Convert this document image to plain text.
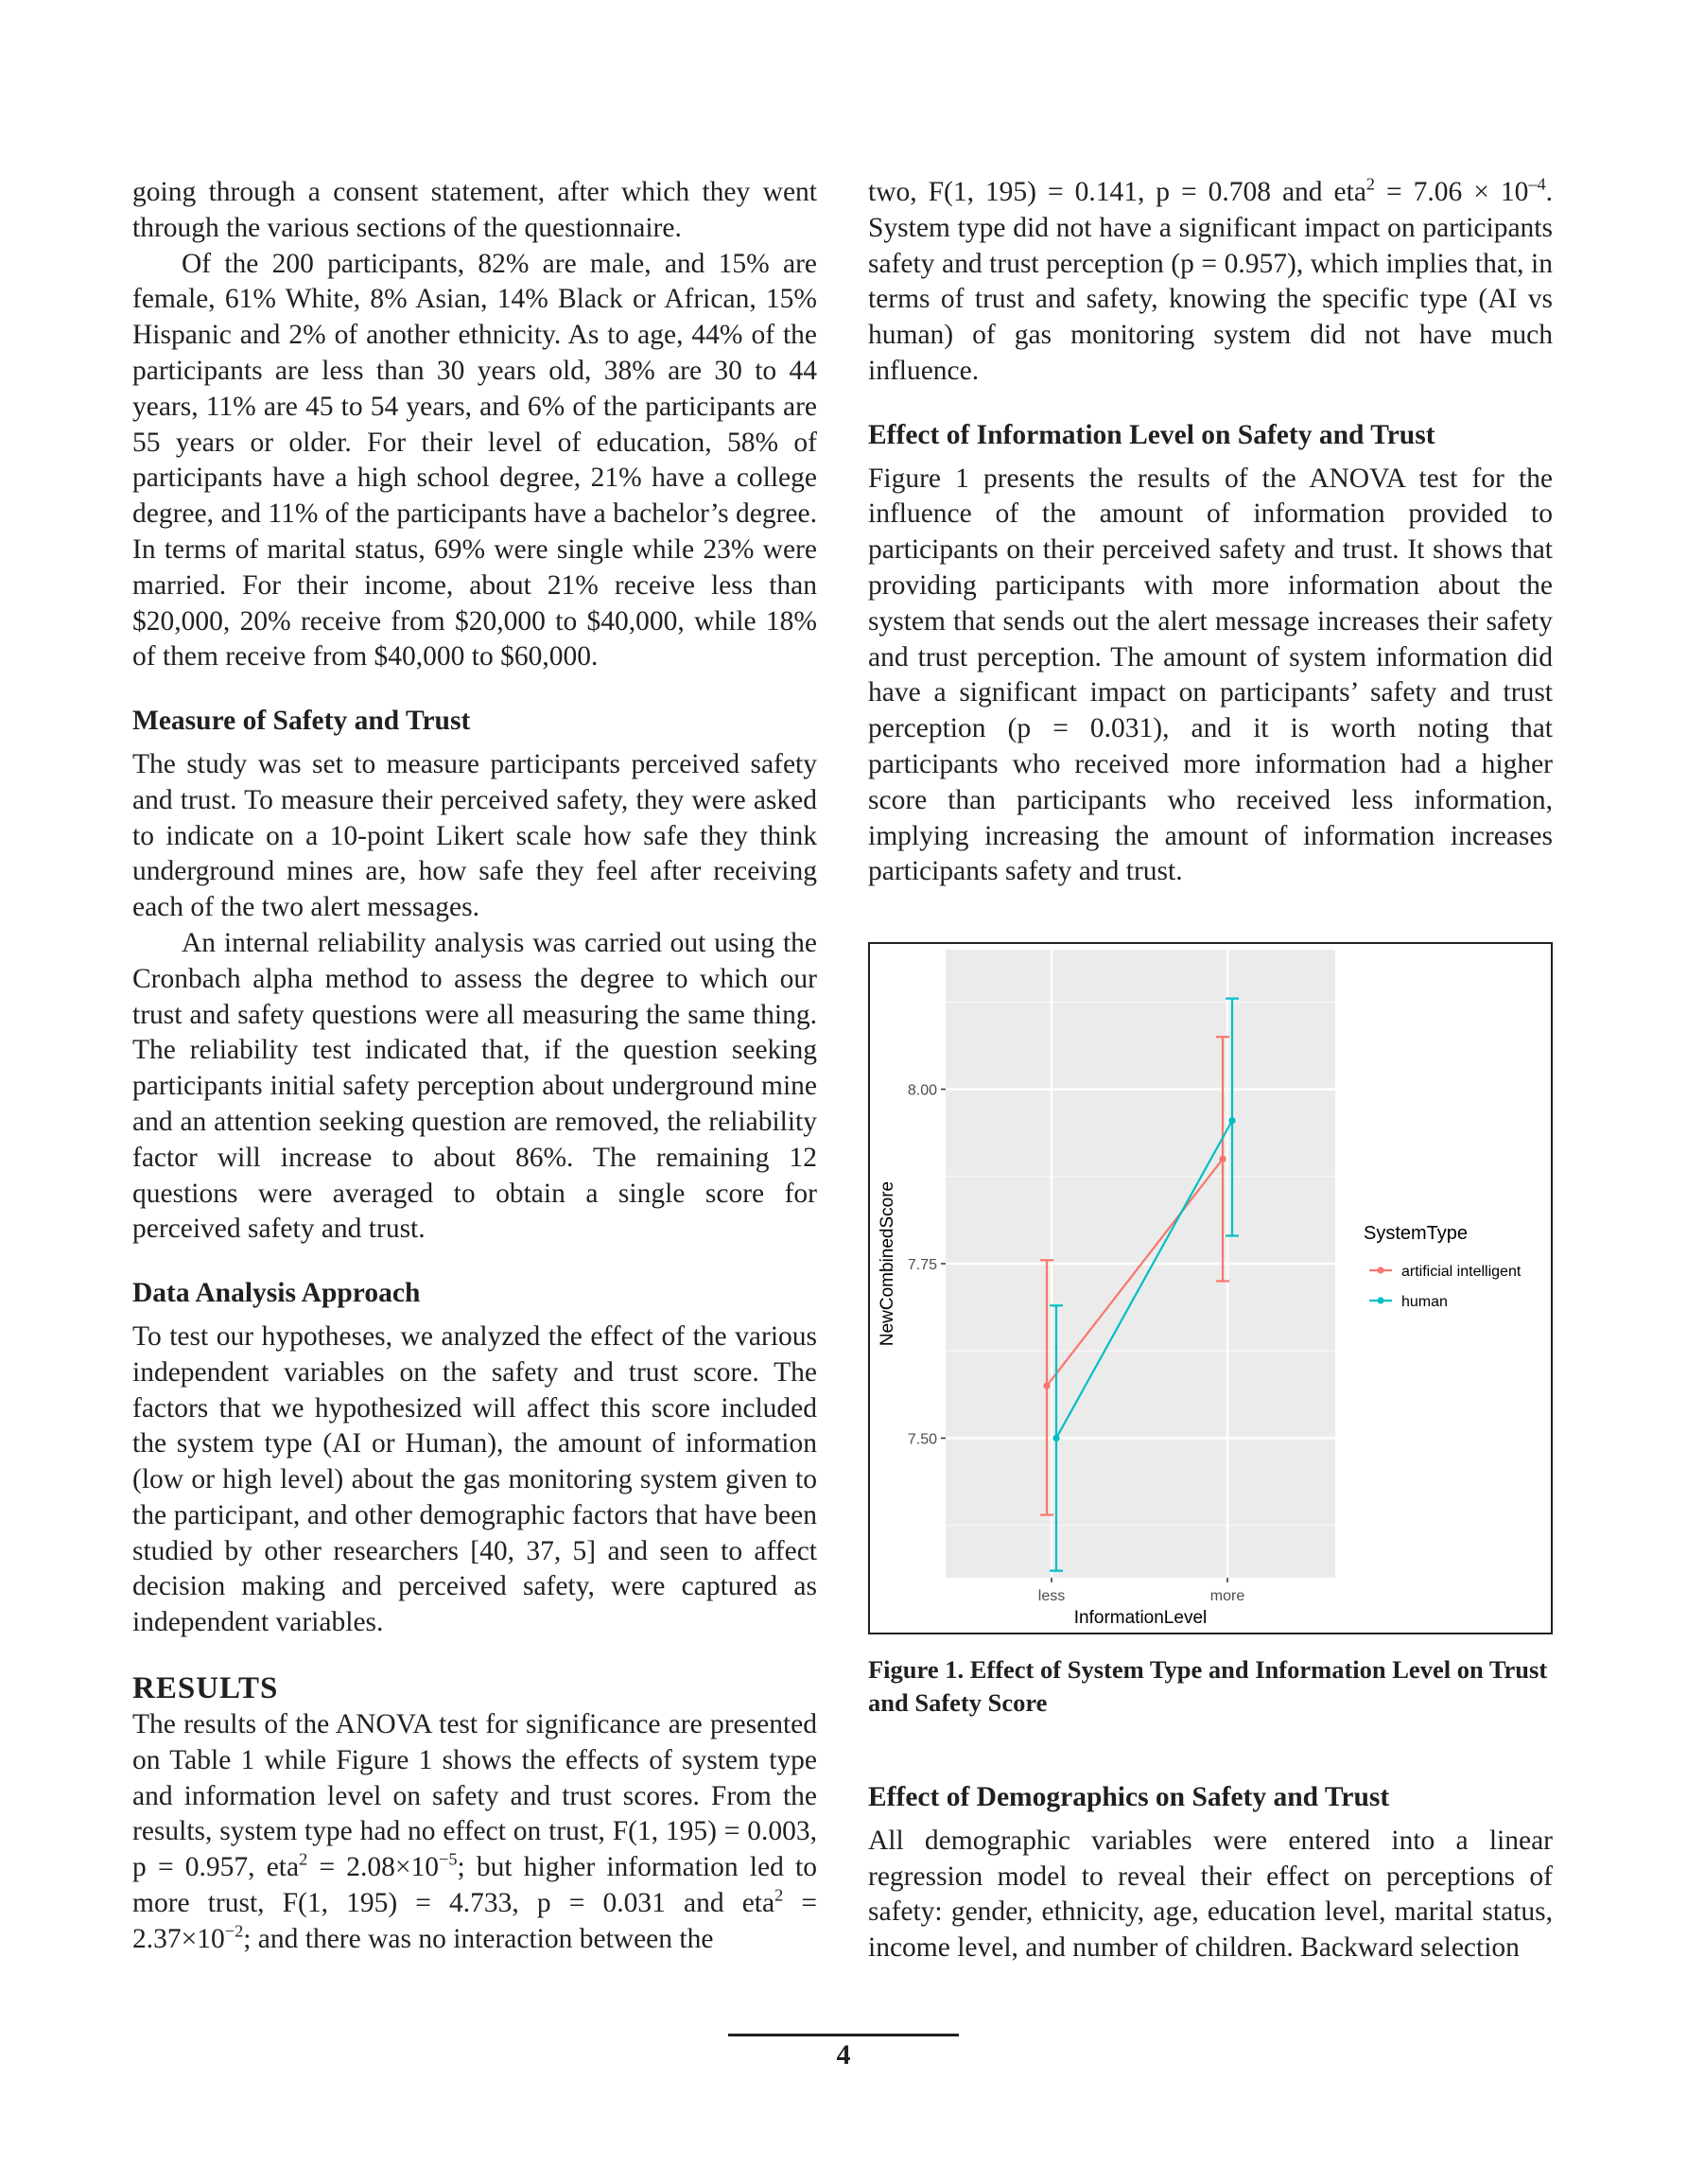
going through a consent statement, after which they went through the various sections of the questionnaire.

Of the 200 participants, 82% are male, and 15% are female, 61% White, 8% Asian, 14% Black or African, 15% Hispanic and 2% of another ethnicity. As to age, 44% of the participants are less than 30 years old, 38% are 30 to 44 years, 11% are 45 to 54 years, and 6% of the participants are 55 years or older. For their level of education, 58% of participants have a high school degree, 21% have a college degree, and 11% of the participants have a bachelor’s degree. In terms of marital status, 69% were single while 23% were married. For their income, about 21% receive less than $20,000, 20% receive from $20,000 to $40,000, while 18% of them receive from $40,000 to $60,000.

Measure of Safety and Trust

The study was set to measure participants perceived safety and trust. To measure their perceived safety, they were asked to indicate on a 10-point Likert scale how safe they think underground mines are, how safe they feel after receiving each of the two alert messages.

An internal reliability analysis was carried out using the Cronbach alpha method to assess the degree to which our trust and safety questions were all measuring the same thing. The reliability test indicated that, if the question seeking participants initial safety perception about underground mine and an attention seeking question are removed, the reliability factor will increase to about 86%. The remaining 12 questions were averaged to obtain a single score for perceived safety and trust.

Data Analysis Approach

To test our hypotheses, we analyzed the effect of the various independent variables on the safety and trust score. The factors that we hypothesized will affect this score included the system type (AI or Human), the amount of information (low or high level) about the gas monitoring system given to the participant, and other demographic factors that have been studied by other researchers [40, 37, 5] and seen to affect decision making and perceived safety, were captured as independent variables.

RESULTS

The results of the ANOVA test for significance are presented on Table 1 while Figure 1 shows the effects of system type and information level on safety and trust scores. From the results, system type had no effect on trust, F(1, 195) = 0.003, p = 0.957, $eta^2 = 2.08\times 10^{-5}$; but higher information led to more trust, F(1, 195) = 4.733, p = 0.031 and $eta^2 = 2.37\times 10^{-2}$; and there was no interaction between the

two, F(1, 195) = 0.141, p = 0.708 and $eta^2 = 7.06 \times 10^{-4}$. System type did not have a significant impact on participants safety and trust perception (p = 0.957), which implies that, in terms of trust and safety, knowing the specific type (AI vs human) of gas monitoring system did not have much influence.

Effect of Information Level on Safety and Trust

Figure 1 presents the results of the ANOVA test for the influence of the amount of information provided to participants on their perceived safety and trust. It shows that providing participants with more information about the system that sends out the alert message increases their safety and trust perception. The amount of system information did have a significant impact on participants’ safety and trust perception (p = 0.031), and it is worth noting that participants who received more information had a higher score than participants who received less information, implying increasing the amount of information increases participants safety and trust.

7.50
7.75
8.00
less	more
InformationLevel
NewCombinedScore	SystemType
artificial intelligent
human
Figure 1. Effect of System Type and Information Level on Trust and Safety Score
Effect of Demographics on Safety and Trust

All demographic variables were entered into a linear regression model to reveal their effect on perceptions of safety: gender, ethnicity, age, education level, marital status, income level, and number of children. Backward selection

4
